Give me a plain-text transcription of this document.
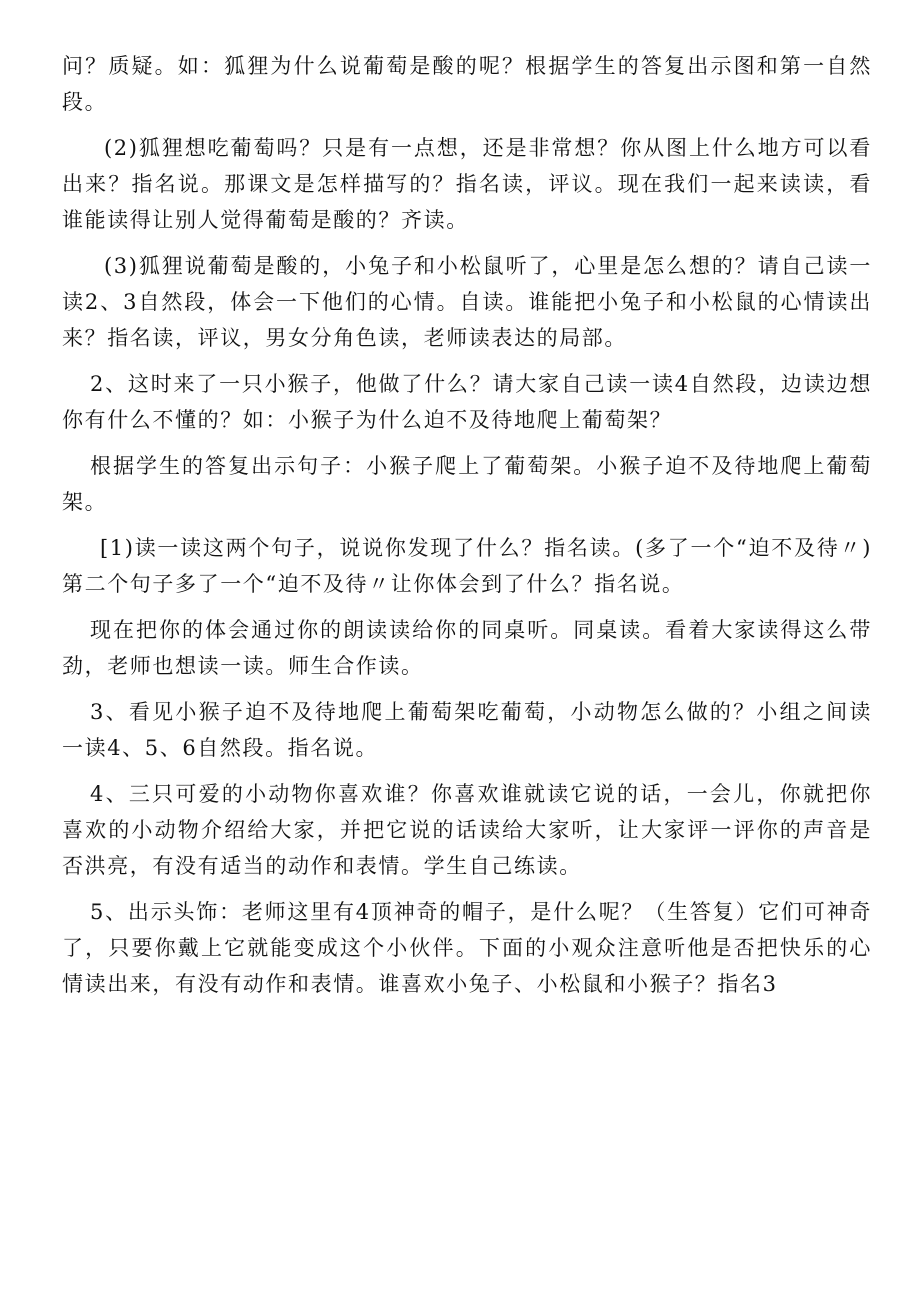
问？质疑。如：狐狸为什么说葡萄是酸的呢？根据学生的答复出示图和第一自然段。

(2)狐狸想吃葡萄吗？只是有一点想，还是非常想？你从图上什么地方可以看出来？指名说。那课文是怎样描写的？指名读，评议。现在我们一起来读读，看谁能读得让别人觉得葡萄是酸的？齐读。

(3)狐狸说葡萄是酸的，小兔子和小松鼠听了，心里是怎么想的？请自己读一读2、3自然段，体会一下他们的心情。自读。谁能把小兔子和小松鼠的心情读出来？指名读，评议，男女分角色读，老师读表达的局部。

2、这时来了一只小猴子，他做了什么？请大家自己读一读4自然段，边读边想你有什么不懂的？如：小猴子为什么迫不及待地爬上葡萄架？

根据学生的答复出示句子：小猴子爬上了葡萄架。小猴子迫不及待地爬上葡萄架。

[1)读一读这两个句子，说说你发现了什么？指名读。(多了一个“迫不及待〃)第二个句子多了一个“迫不及待〃让你体会到了什么？指名说。

现在把你的体会通过你的朗读读给你的同桌听。同桌读。看着大家读得这么带劲，老师也想读一读。师生合作读。

3、看见小猴子迫不及待地爬上葡萄架吃葡萄，小动物怎么做的？小组之间读一读4、5、6自然段。指名说。

4、三只可爱的小动物你喜欢谁？你喜欢谁就读它说的话，一会儿，你就把你喜欢的小动物介绍给大家，并把它说的话读给大家听，让大家评一评你的声音是否洪亮，有没有适当的动作和表情。学生自己练读。

5、出示头饰：老师这里有4顶神奇的帽子，是什么呢？（生答复）它们可神奇了，只要你戴上它就能变成这个小伙伴。下面的小观众注意听他是否把快乐的心情读出来，有没有动作和表情。谁喜欢小兔子、小松鼠和小猴子？指名3
